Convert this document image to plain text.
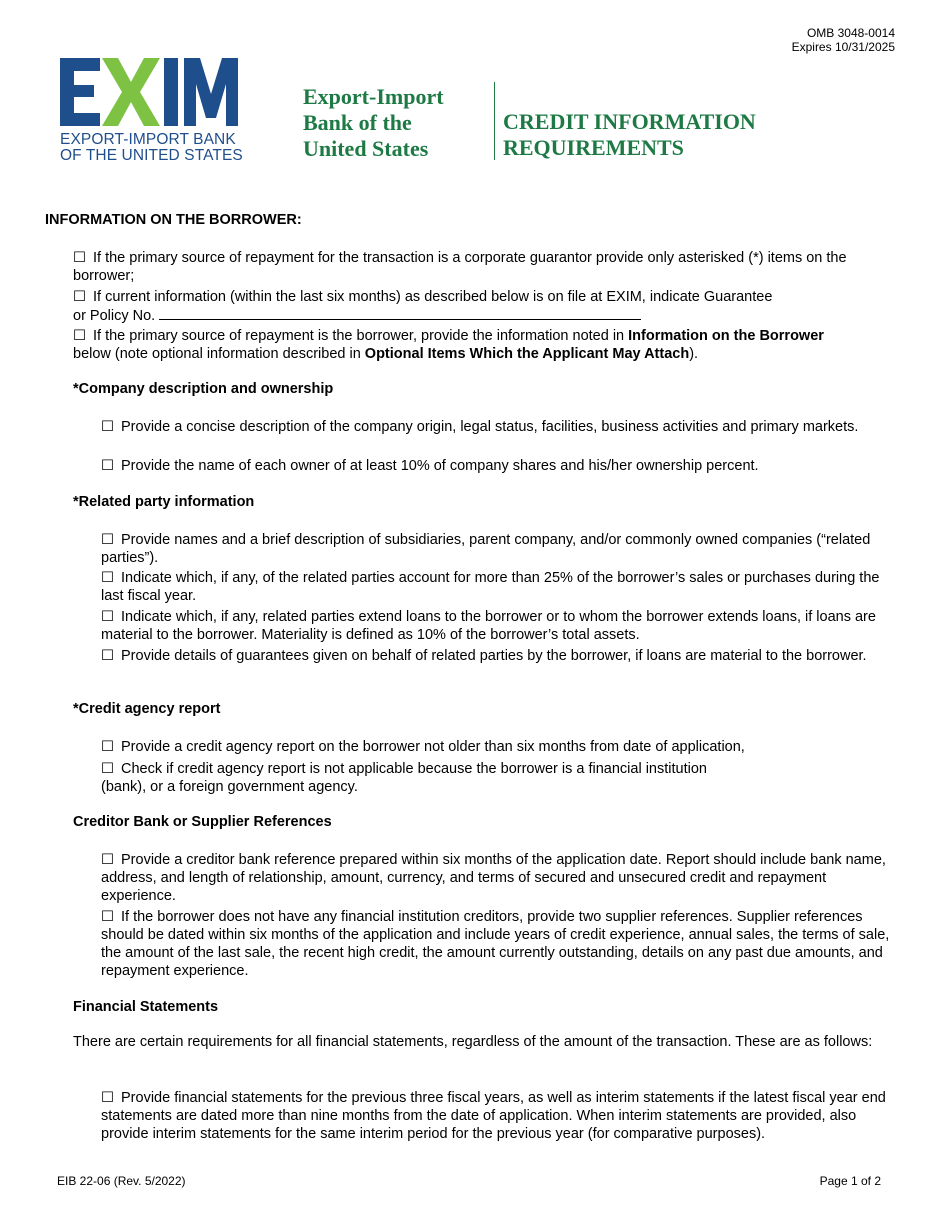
OMB 3048-0014
Expires 10/31/2025
EXPORT-IMPORT BANK
OF THE UNITED STATES
Export-Import
Bank of the
United States
CREDIT INFORMATION
REQUIREMENTS
INFORMATION ON THE BORROWER:
☐ If the primary source of repayment for the transaction is a corporate guarantor provide only asterisked (*) items on the borrower;
☐ If current information (within the last six months) as described below is on file at EXIM, indicate Guarantee
or Policy No.
☐ If the primary source of repayment is the borrower, provide the information noted in Information on the Borrower
below (note optional information described in Optional Items Which the Applicant May Attach).
*Company description and ownership
☐ Provide a concise description of the company origin, legal status, facilities, business activities and primary markets.
☐ Provide the name of each owner of at least 10% of company shares and his/her ownership percent.
*Related party information
☐ Provide names and a brief description of subsidiaries, parent company, and/or commonly owned companies (“related parties”).
☐ Indicate which, if any, of the related parties account for more than 25% of the borrower’s sales or purchases during the last fiscal year.
☐ Indicate which, if any, related parties extend loans to the borrower or to whom the borrower extends loans, if loans are material to the borrower. Materiality is defined as 10% of the borrower’s total assets.
☐ Provide details of guarantees given on behalf of related parties by the borrower, if loans are material to the borrower.
*Credit agency report
☐ Provide a credit agency report on the borrower not older than six months from date of application,
☐ Check if credit agency report is not applicable because the borrower is a financial institution
(bank), or a foreign government agency.
Creditor Bank or Supplier References
☐ Provide a creditor bank reference prepared within six months of the application date. Report should include bank name, address, and length of relationship, amount, currency, and terms of secured and unsecured credit and repayment experience.
☐ If the borrower does not have any financial institution creditors, provide two supplier references. Supplier references should be dated within six months of the application and include years of credit experience, annual sales, the terms of sale, the amount of the last sale, the recent high credit, the amount currently outstanding, details on any past due amounts, and repayment experience.
Financial Statements
There are certain requirements for all financial statements, regardless of the amount of the transaction. These are as follows:
☐ Provide financial statements for the previous three fiscal years, as well as interim statements if the latest fiscal year end statements are dated more than nine months from the date of application. When interim statements are provided, also provide interim statements for the same interim period for the previous year (for comparative purposes).
EIB 22-06 (Rev. 5/2022)	Page 1 of 2
